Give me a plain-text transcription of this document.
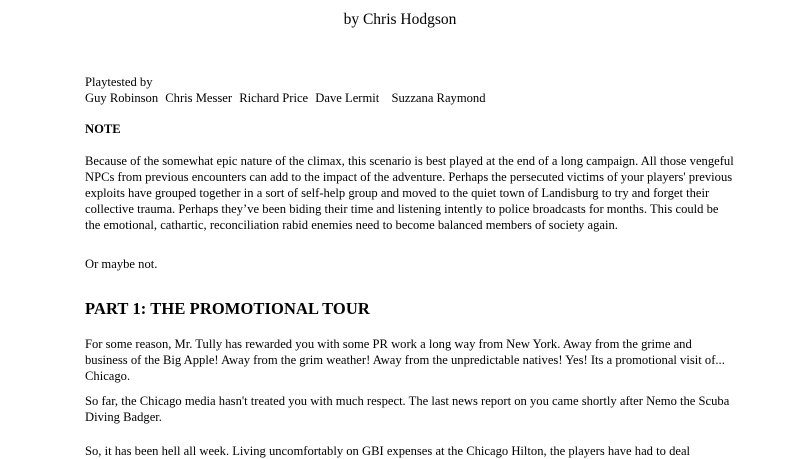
by Chris Hodgson
Playtested by
Guy Robinson Chris Messer Richard Price Dave Lermit Suzzana Raymond
NOTE
Because of the somewhat epic nature of the climax, this scenario is best played at the end of a long campaign. All those vengeful NPCs from previous encounters can add to the impact of the adventure. Perhaps the persecuted victims of your players' previous exploits have grouped together in a sort of self-help group and moved to the quiet town of Landisburg to try and forget their collective trauma. Perhaps they’ve been biding their time and listening intently to police broadcasts for months. This could be the emotional, cathartic, reconciliation rabid enemies need to become balanced members of society again.
Or maybe not.
PART 1: THE PROMOTIONAL TOUR
For some reason, Mr. Tully has rewarded you with some PR work a long way from New York. Away from the grime and business of the Big Apple! Away from the grim weather! Away from the unpredictable natives! Yes! Its a promotional visit of... Chicago.
So far, the Chicago media hasn't treated you with much respect. The last news report on you came shortly after Nemo the Scuba Diving Badger.
So, it has been hell all week. Living uncomfortably on GBI expenses at the Chicago Hilton, the players have had to deal
